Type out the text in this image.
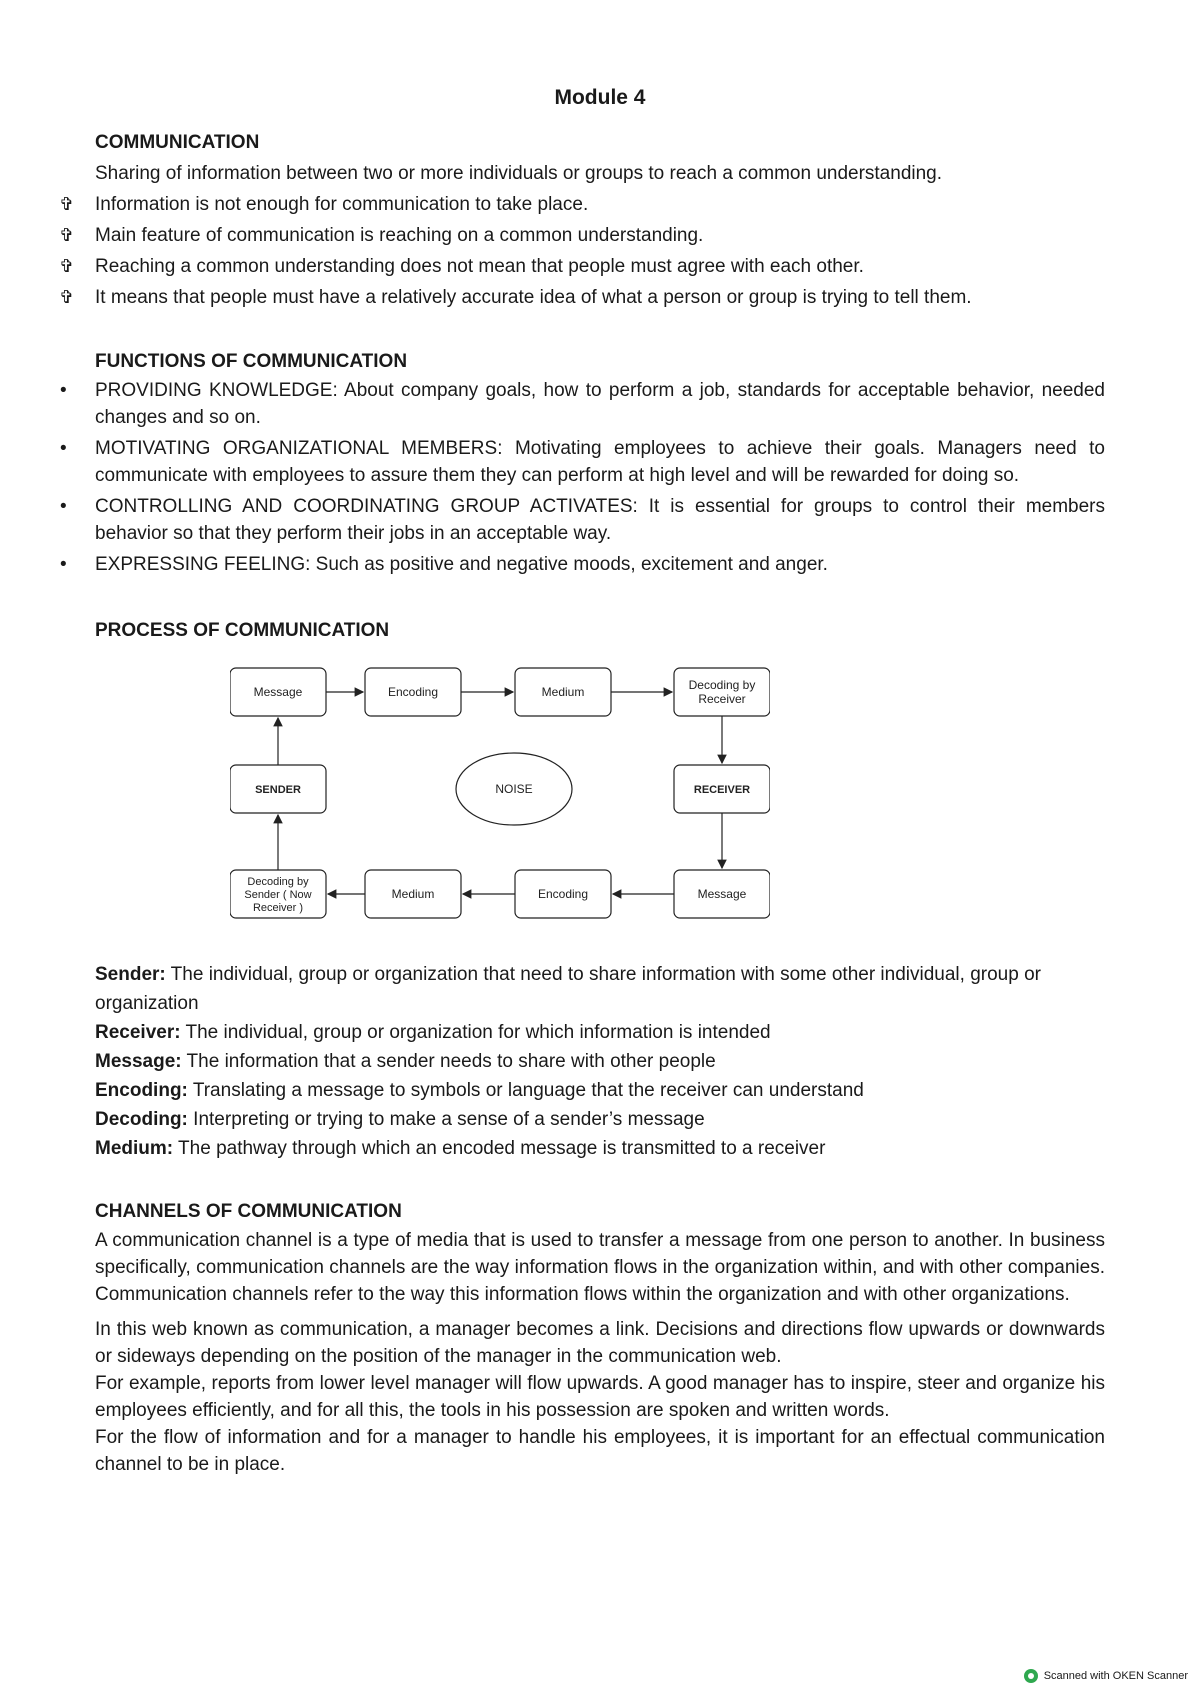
Module 4
COMMUNICATION

Sharing of information between two or more individuals or groups to reach a common understanding.

✞ Information is not enough for communication to take place.
✞ Main feature of communication is reaching on a common understanding.
✞ Reaching a common understanding does not mean that people must agree with each other.
✞ It means that people must have a relatively accurate idea of what a person or group is trying to tell them.
FUNCTIONS OF COMMUNICATION
• PROVIDING KNOWLEDGE: About company goals, how to perform a job, standards for acceptable behavior, needed changes and so on.
• MOTIVATING ORGANIZATIONAL MEMBERS: Motivating employees to achieve their goals. Managers need to communicate with employees to assure them they can perform at high level and will be rewarded for doing so.
• CONTROLLING AND COORDINATING GROUP ACTIVATES: It is essential for groups to control their members behavior so that they perform their jobs in an acceptable way.
• EXPRESSING FEELING: Such as positive and negative moods, excitement and anger.
PROCESS OF COMMUNICATION
Message	Encoding	Medium	Decoding by
Receiver
SENDER	NOISE	RECEIVER
Decoding by
Sender ( Now
Receiver )
Medium	Encoding	Message

Sender: The individual, group or organization that need to share information with some other individual, group or organization

Receiver: The individual, group or organization for which information is intended

Message: The information that a sender needs to share with other people

Encoding: Translating a message to symbols or language that the receiver can understand

Decoding: Interpreting or trying to make a sense of a sender’s message

Medium: The pathway through which an encoded message is transmitted to a receiver

CHANNELS OF COMMUNICATION

A communication channel is a type of media that is used to transfer a message from one person to another. In business specifically, communication channels are the way information flows in the organization within, and with other companies. Communication channels refer to the way this information flows within the organization and with other organizations.

In this web known as communication, a manager becomes a link. Decisions and directions flow upwards or downwards or sideways depending on the position of the manager in the communication web.

For example, reports from lower level manager will flow upwards. A good manager has to inspire, steer and organize his employees efficiently, and for all this, the tools in his possession are spoken and written words.

For the flow of information and for a manager to handle his employees, it is important for an effectual communication channel to be in place.

Scanned with OKEN Scanner
